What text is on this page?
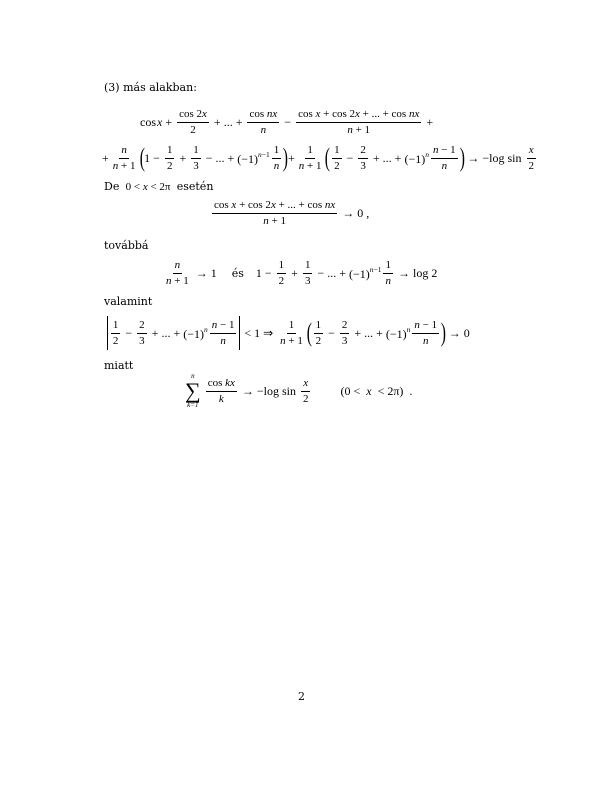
(3) más alakban:
cos $x + \frac{\cos 2x}{2}$ + ... + $\frac{\text{cos nx}}{n} - \frac{\text{cos x + cos 2x + ... + cos nx}}{n + 1}$ +
+ $\frac{n}{n + 1}$ ( $1 - \frac{1}{2} + \frac{1}{3}$ − ... + $(-1)^{n-1} \frac{1}{n}$ ) + $\frac{1}{n + 1}$ ( $\frac{1}{2} - \frac{2}{3}$ + ... + $(-1)^n \frac{n - 1}{n}$ ) → −log $\sin \frac{x}{2}$
De  0 < x < 2π  esetén
$\frac{\text{cos x + cos 2x + ... + cos nx}}{n + 1} \to 0$ ,
továbbá
$\frac{n}{n + 1} \to 1$ és $1 - \frac{1}{2} + \frac{1}{3}$ − ... + $(-1)^{n-1} \frac{1}{n} \to \log 2$
valamint
$\frac{1}{2} - \frac{2}{3}$ + ... + $(-1)^n \frac{n - 1}{n} < 1$ ⇒ $\frac{1}{n + 1}$ ( $\frac{1}{2} - \frac{2}{3}$ + ... + $(-1)^n \frac{n - 1}{n}$ ) → 0
miatt
n
∑
$k=1 \frac{\text{cos kx}}{k} \to -\log$ $\sin \frac{x}{2}$	(0 <  x  < 2π)  .
2
